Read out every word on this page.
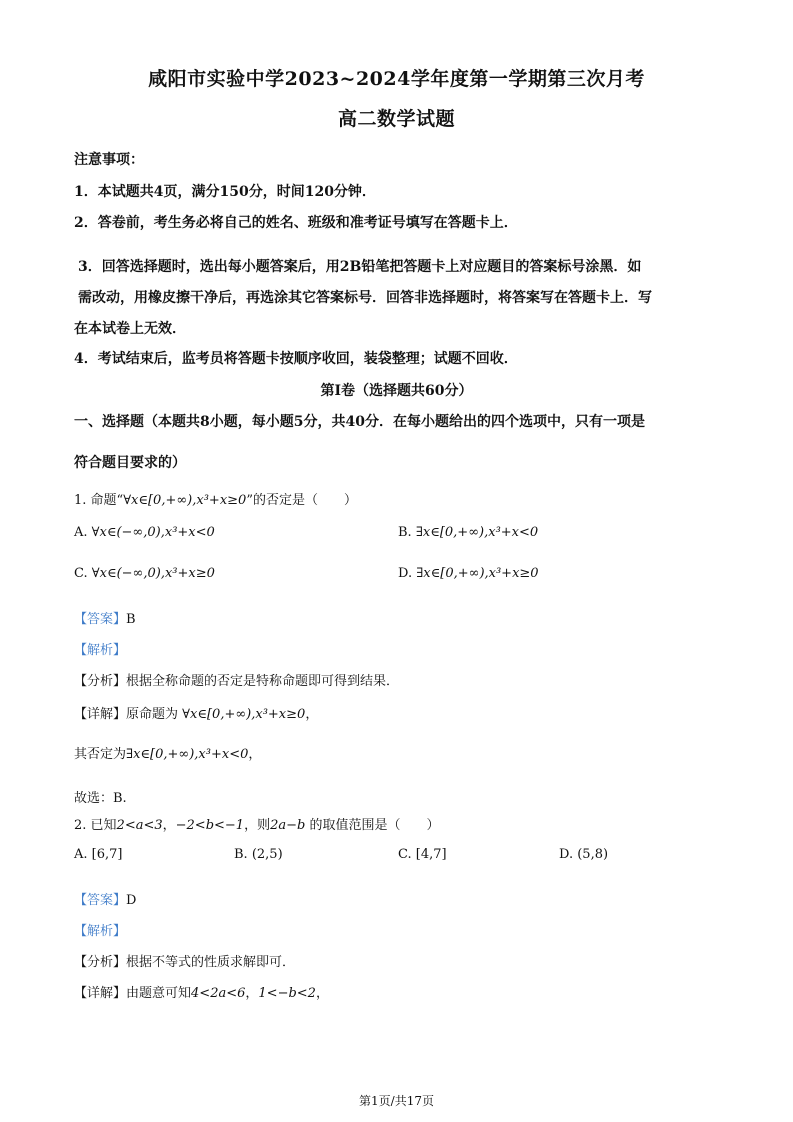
咸阳市实验中学2023~2024学年度第一学期第三次月考
高二数学试题
注意事项：
1．本试题共4页，满分150分，时间120分钟．
2．答卷前，考生务必将自己的姓名、班级和准考证号填写在答题卡上．
3．回答选择题时，选出每小题答案后，用2B铅笔把答题卡上对应题目的答案标号涂黑．如
需改动，用橡皮擦干净后，再选涂其它答案标号．回答非选择题时，将答案写在答题卡上．写
在本试卷上无效．
4．考试结束后，监考员将答题卡按顺序收回，装袋整理；试题不回收．
第Ⅰ卷（选择题共60分）
一、选择题（本题共8小题，每小题5分，共40分．在每小题给出的四个选项中，只有一项是
符合题目要求的）
1. 命题“∀x∈[0,+∞),x³+x≥0”的否定是（　　）
A. ∀x∈(−∞,0),x³+x<0	B. ∃x∈[0,+∞),x³+x<0
C. ∀x∈(−∞,0),x³+x≥0	D. ∃x∈[0,+∞),x³+x≥0
【答案】B
【解析】
【分析】根据全称命题的否定是特称命题即可得到结果．
【详解】原命题为 ∀x∈[0,+∞),x³+x≥0，
其否定为∃x∈[0,+∞),x³+x<0，
故选：B.
2. 已知2<a<3，−2<b<−1，则2a−b 的取值范围是（　　）
A. [6,7]	B. (2,5)	C. [4,7]	D. (5,8)
【答案】D
【解析】
【分析】根据不等式的性质求解即可．
【详解】由题意可知4<2a<6，1<−b<2，
第1页/共17页
